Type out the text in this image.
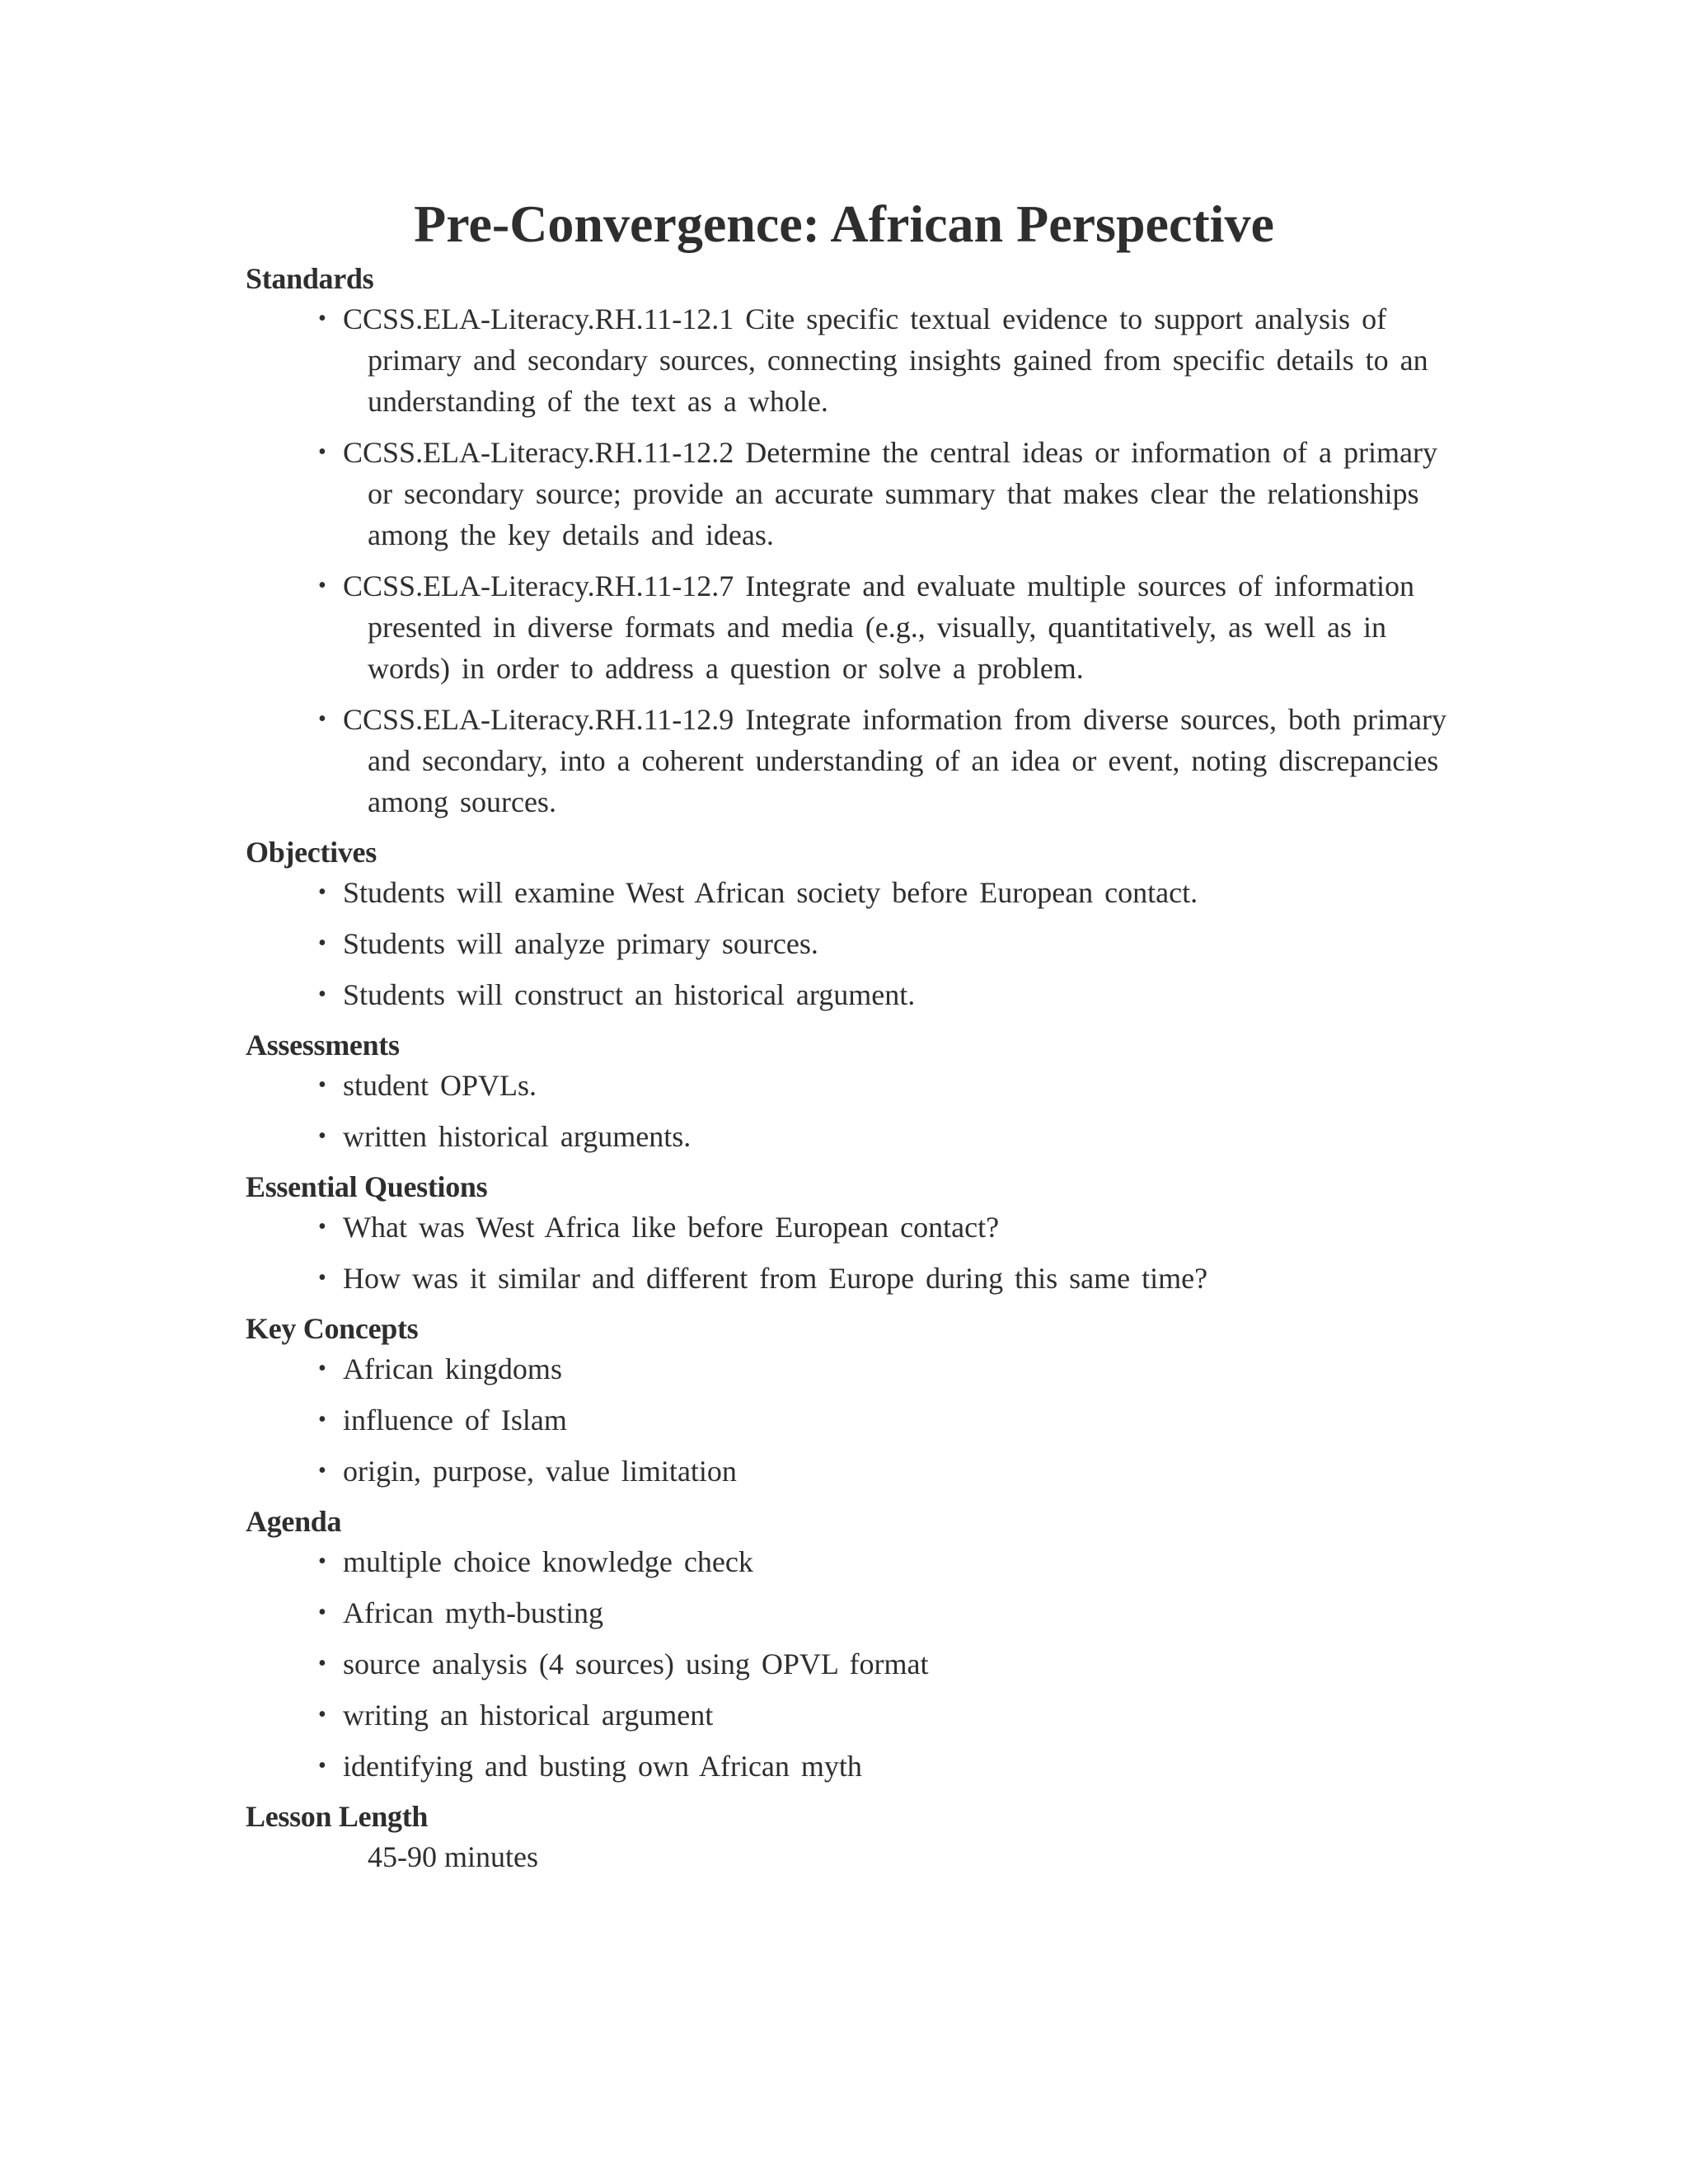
Pre-Convergence: African Perspective
Standards
• CCSS.ELA-Literacy.RH.11-12.1 Cite specific textual evidence to support analysis of primary and secondary sources, connecting insights gained from specific details to an understanding of the text as a whole.
• CCSS.ELA-Literacy.RH.11-12.2 Determine the central ideas or information of a primary or secondary source; provide an accurate summary that makes clear the relationships among the key details and ideas.
• CCSS.ELA-Literacy.RH.11-12.7 Integrate and evaluate multiple sources of information presented in diverse formats and media (e.g., visually, quantitatively, as well as in words) in order to address a question or solve a problem.
• CCSS.ELA-Literacy.RH.11-12.9 Integrate information from diverse sources, both primary and secondary, into a coherent understanding of an idea or event, noting discrepancies among sources.
Objectives
• Students will examine West African society before European contact.
• Students will analyze primary sources.
• Students will construct an historical argument.
Assessments
• student OPVLs.
• written historical arguments.
Essential Questions
• What was West Africa like before European contact?
• How was it similar and different from Europe during this same time?
Key Concepts
• African kingdoms
• influence of Islam
• origin, purpose, value limitation
Agenda
• multiple choice knowledge check
• African myth-busting
• source analysis (4 sources) using OPVL format
• writing an historical argument
• identifying and busting own African myth
Lesson Length

45-90 minutes
